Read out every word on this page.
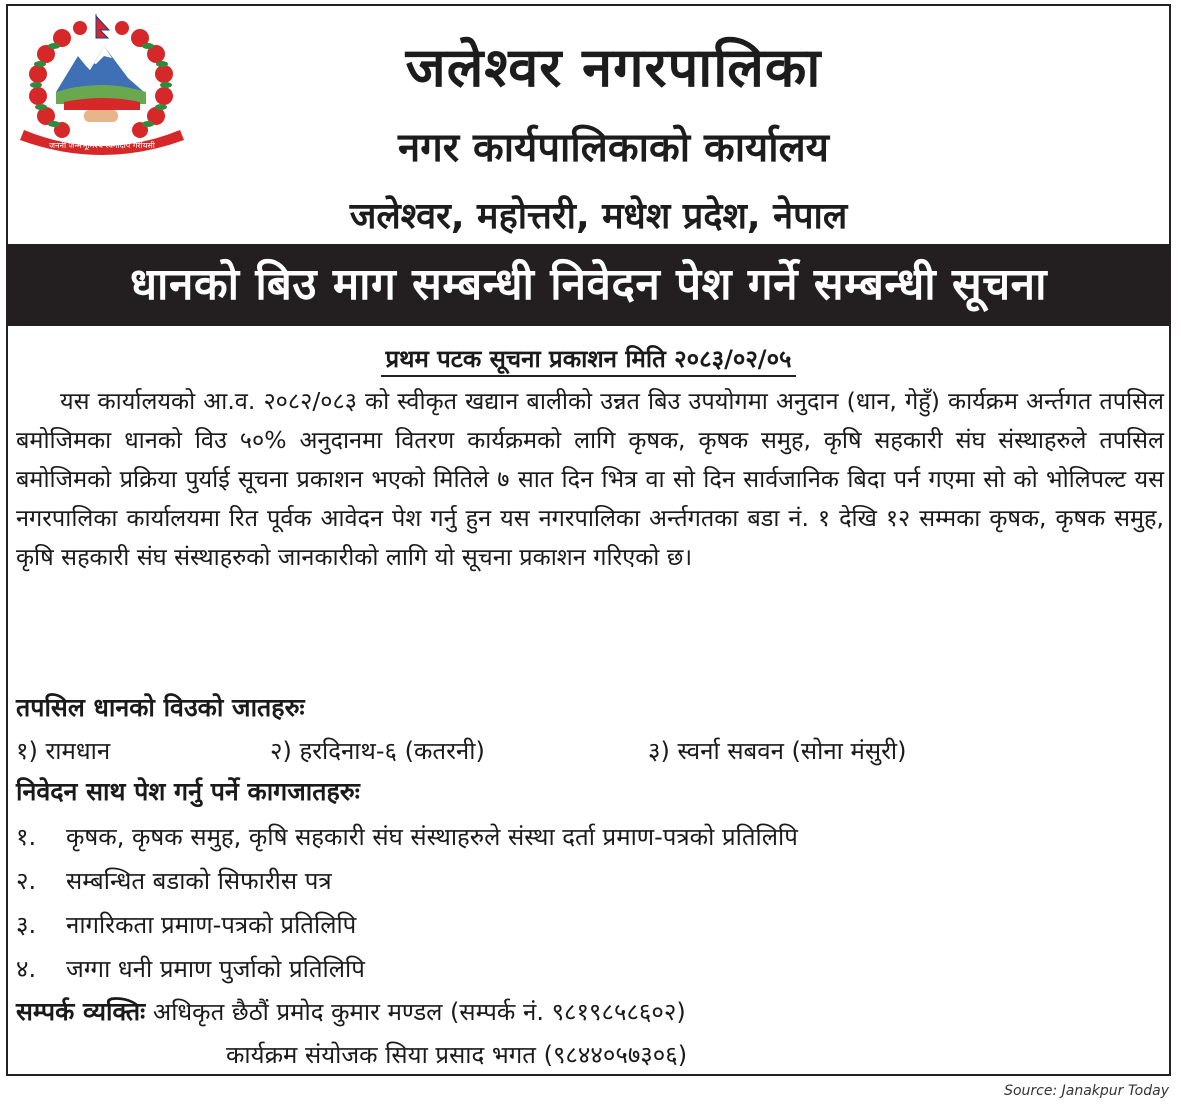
जननी जन्मभूमिश्च स्वर्गादपि गरीयसी
जलेश्वर नगरपालिका
नगर कार्यपालिकाको कार्यालय
जलेश्वर, महोत्तरी, मधेश प्रदेश, नेपाल
धानको बिउ माग सम्बन्धी निवेदन पेश गर्ने सम्बन्धी सूचना
प्रथम पटक सूचना प्रकाशन मिति २०८३/०२/०५
यस कार्यालयको आ.व. २०८२/०८३ को स्वीकृत खद्यान बालीको उन्नत बिउ उपयोगमा अनुदान (धान, गेहुँ) कार्यक्रम अर्न्तगत तपसिल बमोजिमका धानको विउ ५०% अनुदानमा वितरण कार्यक्रमको लागि कृषक, कृषक समुह, कृषि सहकारी संघ संस्थाहरुले तपसिल बमोजिमको प्रक्रिया पुर्याई सूचना प्रकाशन भएको मितिले ७ सात दिन भित्र वा सो दिन सार्वजानिक बिदा पर्न गएमा सो को भोलिपल्ट यस नगरपालिका कार्यालयमा रित पूर्वक आवेदन पेश गर्नु हुन यस नगरपालिका अर्न्तगतका बडा नं. १ देखि १२ सम्मका कृषक, कृषक समुह, कृषि सहकारी संघ संस्थाहरुको जानकारीको लागि यो सूचना प्रकाशन गरिएको छ।
तपसिल धानको विउको जातहरुः
१) रामधान	२) हरदिनाथ-६ (कतरनी)	३) स्वर्ना सबवन (सोना मंसुरी)
निवेदन साथ पेश गर्नु पर्ने कागजातहरुः
१. कृषक, कृषक समुह, कृषि सहकारी संघ संस्थाहरुले संस्था दर्ता प्रमाण-पत्रको प्रतिलिपि
२. सम्बन्धित बडाको सिफारीस पत्र
३. नागरिकता प्रमाण-पत्रको प्रतिलिपि
४. जग्गा धनी प्रमाण पुर्जाको प्रतिलिपि
सम्पर्क व्यक्तिः अधिकृत छैठौं प्रमोद कुमार मण्डल (सम्पर्क नं. ९८१९८५८६०२)
कार्यक्रम संयोजक सिया प्रसाद भगत (९८४४०५७३०६)
Source: Janakpur Today
